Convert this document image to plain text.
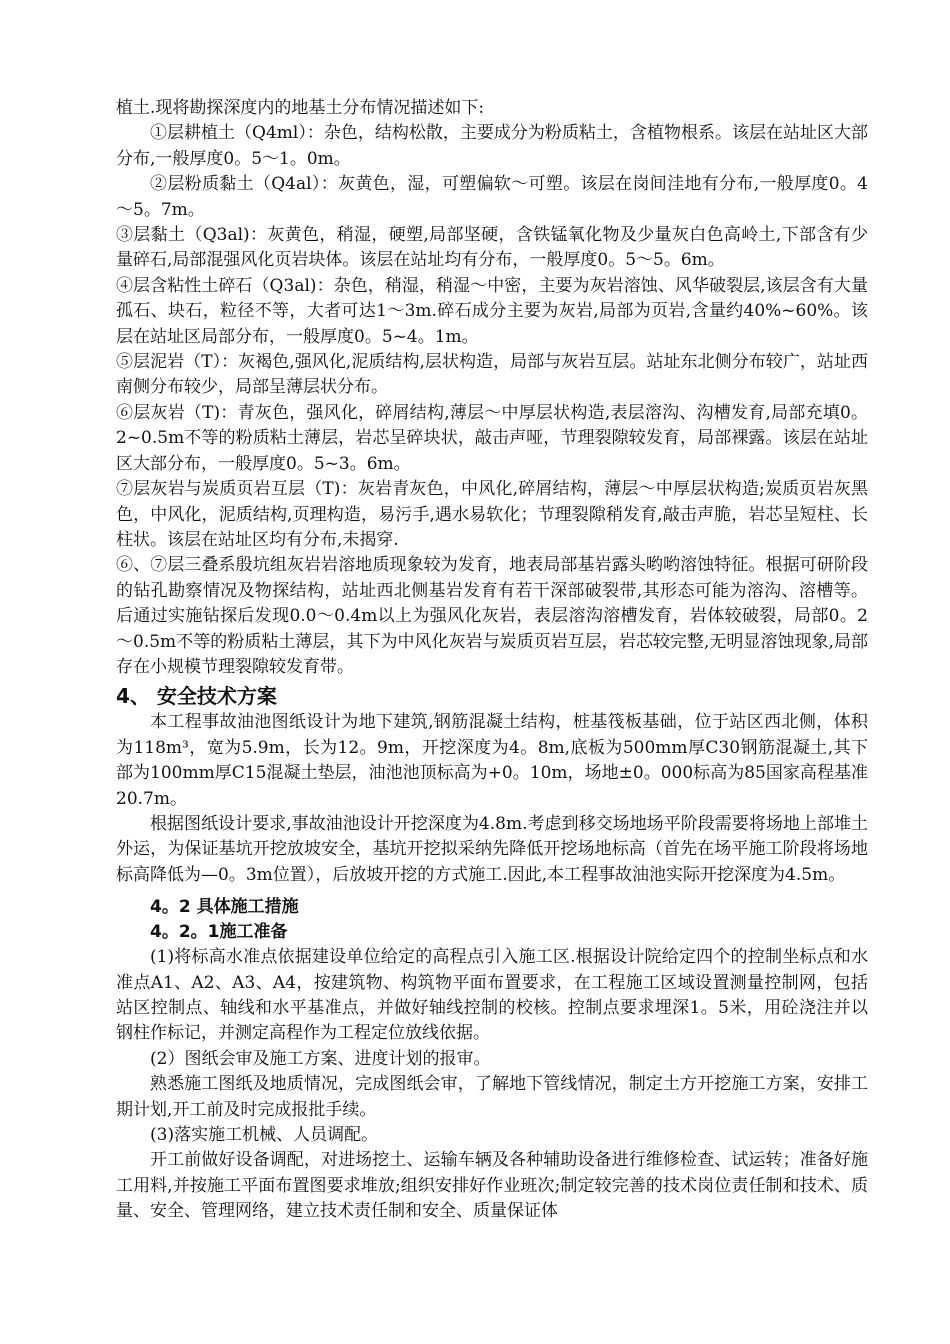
植土.现将勘探深度内的地基土分布情况描述如下:

①层耕植土（Q4ml）：杂色，结构松散，主要成分为粉质粘土，含植物根系。该层在站址区大部分布,一般厚度0。5～1。0m。

②层粉质黏土（Q4al）：灰黄色，湿，可塑偏软～可塑。该层在岗间洼地有分布,一般厚度0。4～5。7m。

③层黏土（Q3al)：灰黄色，稍湿，硬塑,局部坚硬，含铁锰氧化物及少量灰白色高岭土,下部含有少量碎石,局部混强风化页岩块体。该层在站址均有分布，一般厚度0。5～5。6m。

④层含粘性土碎石（Q3al)：杂色，稍湿，稍湿～中密，主要为灰岩溶蚀、风华破裂层,该层含有大量孤石、块石，粒径不等，大者可达1～3m.碎石成分主要为灰岩,局部为页岩,含量约40%~60%。该层在站址区局部分布，一般厚度0。5~4。1m。

⑤层泥岩（T）：灰褐色,强风化,泥质结构,层状构造，局部与灰岩互层。站址东北侧分布较广，站址西南侧分布较少，局部呈薄层状分布。

⑥层灰岩（T)：青灰色，强风化，碎屑结构,薄层～中厚层状构造,表层溶沟、沟槽发育,局部充填0。2~0.5m不等的粉质粘土薄层，岩芯呈碎块状，敲击声哑，节理裂隙较发育，局部裸露。该层在站址区大部分布，一般厚度0。5~3。6m。

⑦层灰岩与炭质页岩互层（T)：灰岩青灰色，中风化,碎屑结构，薄层～中厚层状构造;炭质页岩灰黑色，中风化，泥质结构,页理构造，易污手,遇水易软化；节理裂隙稍发育,敲击声脆，岩芯呈短柱、长柱状。该层在站址区均有分布,未揭穿.

⑥、⑦层三叠系殷坑组灰岩岩溶地质现象较为发育，地表局部基岩露头哟哟溶蚀特征。根据可研阶段的钻孔勘察情况及物探结构，站址西北侧基岩发育有若干深部破裂带,其形态可能为溶沟、溶槽等。后通过实施钻探后发现0.0～0.4m以上为强风化灰岩，表层溶沟溶槽发育，岩体较破裂，局部0。2～0.5m不等的粉质粘土薄层，其下为中风化灰岩与炭质页岩互层，岩芯较完整,无明显溶蚀现象,局部存在小规模节理裂隙较发育带。

4、 安全技术方案

本工程事故油池图纸设计为地下建筑,钢筋混凝土结构，桩基筏板基础，位于站区西北侧，体积为118m³，宽为5.9m，长为12。9m，开挖深度为4。8m,底板为500mm厚C30钢筋混凝土,其下部为100mm厚C15混凝土垫层，油池池顶标高为+0。10m，场地±0。000标高为85国家高程基准20.7m。

根据图纸设计要求,事故油池设计开挖深度为4.8m.考虑到移交场地场平阶段需要将场地上部堆土外运，为保证基坑开挖放坡安全，基坑开挖拟采纳先降低开挖场地标高（首先在场平施工阶段将场地标高降低为—0。3m位置），后放坡开挖的方式施工.因此,本工程事故油池实际开挖深度为4.5m。

4。2 具体施工措施
4。2。1施工准备

(1)将标高水准点依据建设单位给定的高程点引入施工区.根据设计院给定四个的控制坐标点和水准点A1、A2、A3、A4，按建筑物、构筑物平面布置要求，在工程施工区域设置测量控制网，包括站区控制点、轴线和水平基准点，并做好轴线控制的校核。控制点要求埋深1。5米，用砼浇注并以钢柱作标记，并测定高程作为工程定位放线依据。

(2）图纸会审及施工方案、进度计划的报审。

熟悉施工图纸及地质情况，完成图纸会审，了解地下管线情况，制定土方开挖施工方案，安排工期计划,开工前及时完成报批手续。

(3)落实施工机械、人员调配。

开工前做好设备调配，对进场挖土、运输车辆及各种辅助设备进行维修检查、试运转；准备好施工用料,并按施工平面布置图要求堆放;组织安排好作业班次;制定较完善的技术岗位责任制和技术、质量、安全、管理网络，建立技术责任制和安全、质量保证体
